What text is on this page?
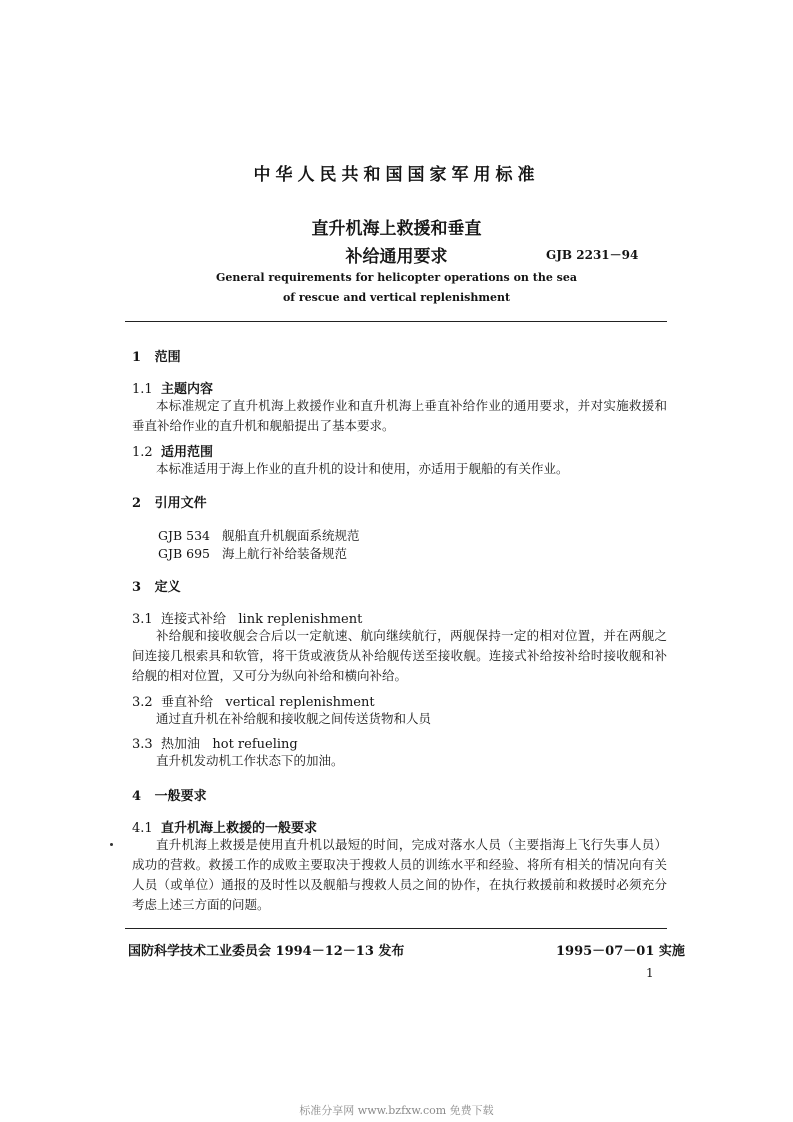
中华人民共和国国家军用标准
直升机海上救援和垂直
补给通用要求	GJB 2231－94
General requirements for helicopter operations on the sea
of rescue and vertical replenishment
1 范围
1.1 主题内容
本标准规定了直升机海上救援作业和直升机海上垂直补给作业的通用要求，并对实施救援和垂直补给作业的直升机和舰船提出了基本要求。
1.2 适用范围
本标准适用于海上作业的直升机的设计和使用，亦适用于舰船的有关作业。
2 引用文件
GJB 534 舰船直升机舰面系统规范
GJB 695 海上航行补给装备规范
3 定义
3.1 连接式补给 link replenishment
补给舰和接收舰会合后以一定航速、航向继续航行，两舰保持一定的相对位置，并在两舰之间连接几根索具和软管，将干货或液货从补给舰传送至接收舰。连接式补给按补给时接收舰和补给舰的相对位置，又可分为纵向补给和横向补给。
3.2 垂直补给 vertical replenishment
通过直升机在补给舰和接收舰之间传送货物和人员
3.3 热加油 hot refueling
直升机发动机工作状态下的加油。
4 一般要求
4.1 直升机海上救援的一般要求
直升机海上救援是使用直升机以最短的时间，完成对落水人员（主要指海上飞行失事人员）成功的营救。救援工作的成败主要取决于搜救人员的训练水平和经验、将所有相关的情况向有关人员（或单位）通报的及时性以及舰船与搜救人员之间的协作，在执行救援前和救援时必须充分考虑上述三方面的问题。
国防科学技术工业委员会 1994－12－13 发布	1995－07－01 实施
1
标准分享网 www.bzfxw.com 免费下载
